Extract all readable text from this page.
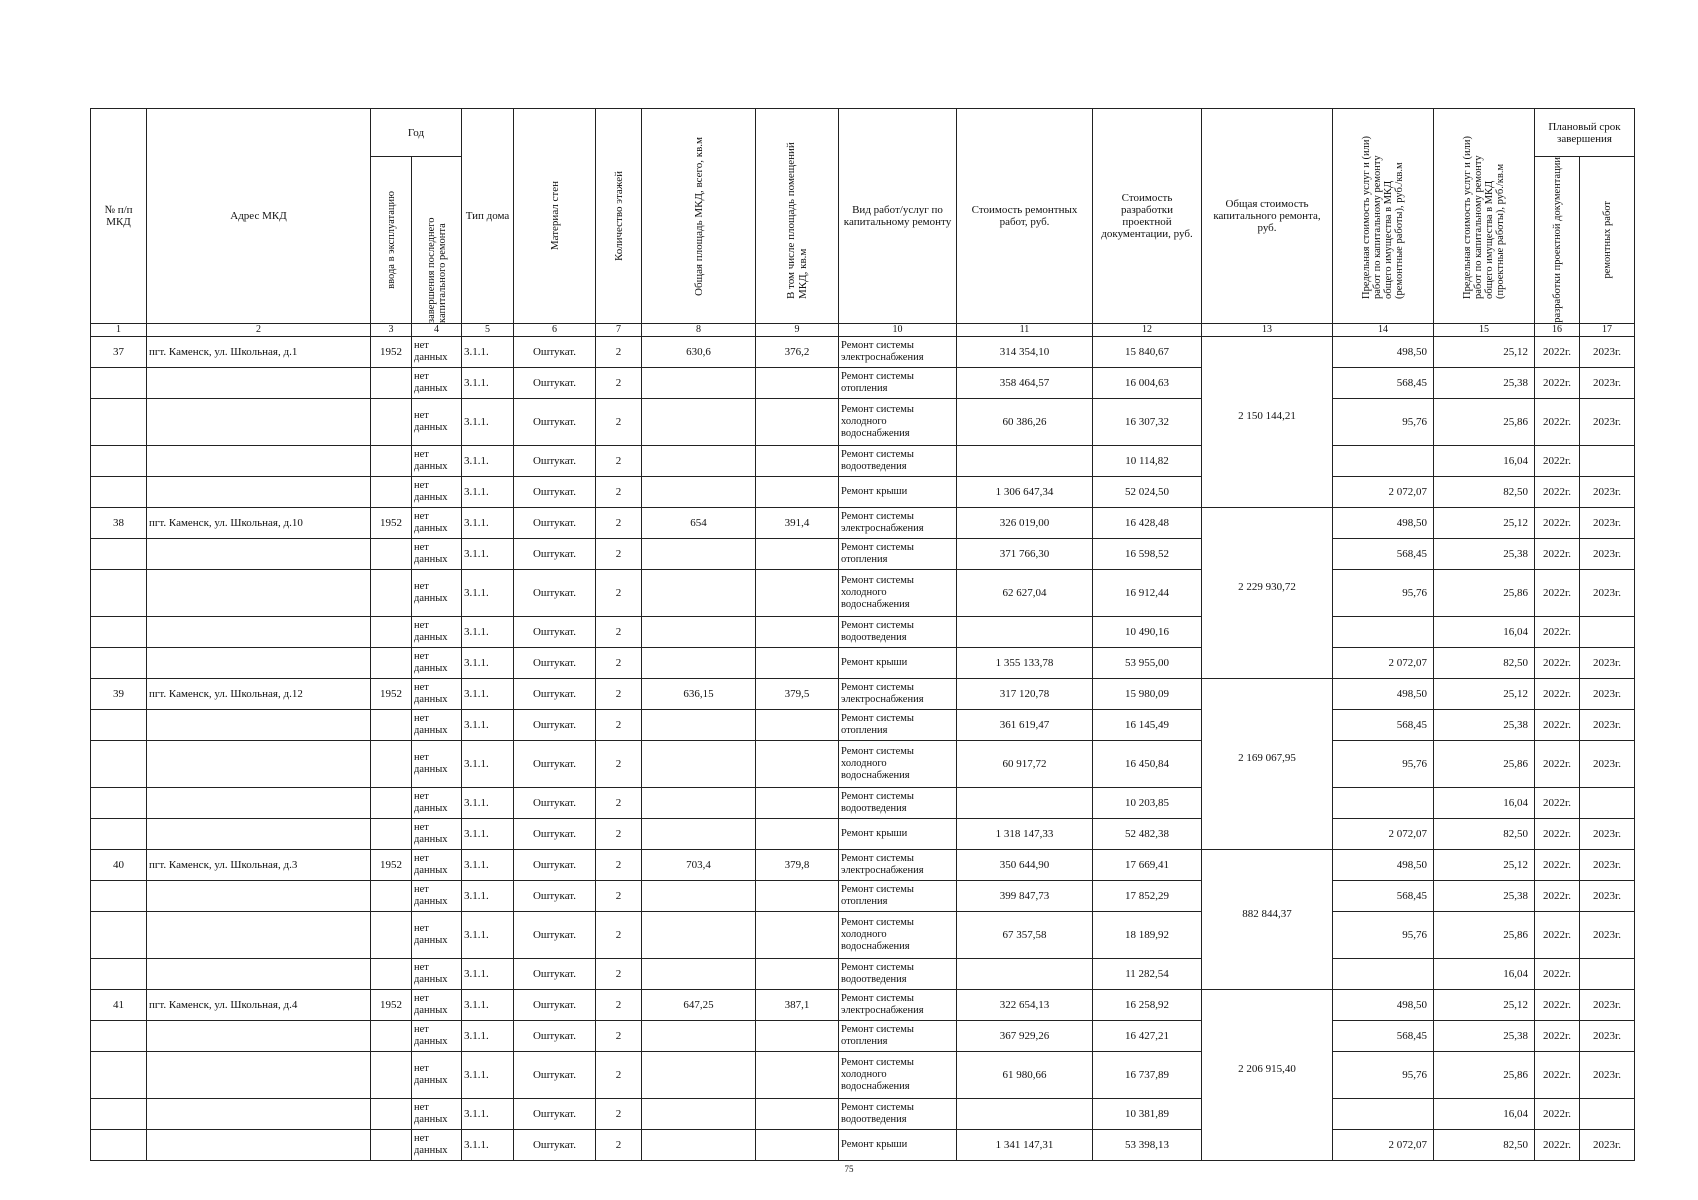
№ п/п МКД	Адрес МКД	Год		Тип дома	Материал стен	Количество этажей	Общая площадь МКД, всего, кв.м	В том числе площадь помещений МКД, кв.м	Вид работ/услуг по капитальному ремонту	Стоимость ремонтных работ, руб.	Стоимость разработки проектной документации, руб.	Общая стоимость капитального ремонта, руб.	Предельная стоимость услуг и (или) работ по капитальному ремонту общего имущества в МКД (ремонтные работы), руб./кв.м	Предельная стоимость услуг и (или) работ по капитальному ремонту общего имущества в МКД (проектные работы), руб./кв.м	Плановый срок завершения	

		ввода в эксплуатацию	завершения последнего капитального ремонта												разработки проектной документации	ремонтных работ

1	2	3	4	5	6	7	8	9	10	11	12	13	14	15	16	17
37	пгт. Каменск, ул. Школьная, д.1	1952	нет данных	3.1.1.	Оштукат.	2	630,6	376,2	Ремонт системы электроснабжения	314 354,10	15 840,67	2 150 144,21	498,50	25,12	2022г.	2023г.
			нет данных	3.1.1.	Оштукат.	2			Ремонт системы отопления	358 464,57	16 004,63		568,45	25,38	2022г.	2023г.
			нет данных	3.1.1.	Оштукат.	2			Ремонт системы холодного водоснабжения	60 386,26	16 307,32		95,76	25,86	2022г.	2023г.
			нет данных	3.1.1.	Оштукат.	2			Ремонт системы водоотведения		10 114,82			16,04	2022г.	
			нет данных	3.1.1.	Оштукат.	2			Ремонт крыши	1 306 647,34	52 024,50		2 072,07	82,50	2022г.	2023г.
38	пгт. Каменск, ул. Школьная, д.10	1952	нет данных	3.1.1.	Оштукат.	2	654	391,4	Ремонт системы электроснабжения	326 019,00	16 428,48	2 229 930,72	498,50	25,12	2022г.	2023г.
			нет данных	3.1.1.	Оштукат.	2			Ремонт системы отопления	371 766,30	16 598,52		568,45	25,38	2022г.	2023г.
			нет данных	3.1.1.	Оштукат.	2			Ремонт системы холодного водоснабжения	62 627,04	16 912,44		95,76	25,86	2022г.	2023г.
			нет данных	3.1.1.	Оштукат.	2			Ремонт системы водоотведения		10 490,16			16,04	2022г.	
			нет данных	3.1.1.	Оштукат.	2			Ремонт крыши	1 355 133,78	53 955,00		2 072,07	82,50	2022г.	2023г.
39	пгт. Каменск, ул. Школьная, д.12	1952	нет данных	3.1.1.	Оштукат.	2	636,15	379,5	Ремонт системы электроснабжения	317 120,78	15 980,09	2 169 067,95	498,50	25,12	2022г.	2023г.
			нет данных	3.1.1.	Оштукат.	2			Ремонт системы отопления	361 619,47	16 145,49		568,45	25,38	2022г.	2023г.
			нет данных	3.1.1.	Оштукат.	2			Ремонт системы холодного водоснабжения	60 917,72	16 450,84		95,76	25,86	2022г.	2023г.
			нет данных	3.1.1.	Оштукат.	2			Ремонт системы водоотведения		10 203,85			16,04	2022г.	
			нет данных	3.1.1.	Оштукат.	2			Ремонт крыши	1 318 147,33	52 482,38		2 072,07	82,50	2022г.	2023г.
40	пгт. Каменск, ул. Школьная, д.3	1952	нет данных	3.1.1.	Оштукат.	2	703,4	379,8	Ремонт системы электроснабжения	350 644,90	17 669,41	882 844,37	498,50	25,12	2022г.	2023г.
			нет данных	3.1.1.	Оштукат.	2			Ремонт системы отопления	399 847,73	17 852,29		568,45	25,38	2022г.	2023г.
			нет данных	3.1.1.	Оштукат.	2			Ремонт системы холодного водоснабжения	67 357,58	18 189,92		95,76	25,86	2022г.	2023г.
			нет данных	3.1.1.	Оштукат.	2			Ремонт системы водоотведения		11 282,54			16,04	2022г.	
41	пгт. Каменск, ул. Школьная, д.4	1952	нет данных	3.1.1.	Оштукат.	2	647,25	387,1	Ремонт системы электроснабжения	322 654,13	16 258,92	2 206 915,40	498,50	25,12	2022г.	2023г.
			нет данных	3.1.1.	Оштукат.	2			Ремонт системы отопления	367 929,26	16 427,21		568,45	25,38	2022г.	2023г.
			нет данных	3.1.1.	Оштукат.	2			Ремонт системы холодного водоснабжения	61 980,66	16 737,89		95,76	25,86	2022г.	2023г.
			нет данных	3.1.1.	Оштукат.	2			Ремонт системы водоотведения		10 381,89			16,04	2022г.	
			нет данных	3.1.1.	Оштукат.	2			Ремонт крыши	1 341 147,31	53 398,13		2 072,07	82,50	2022г.	2023г.
75
